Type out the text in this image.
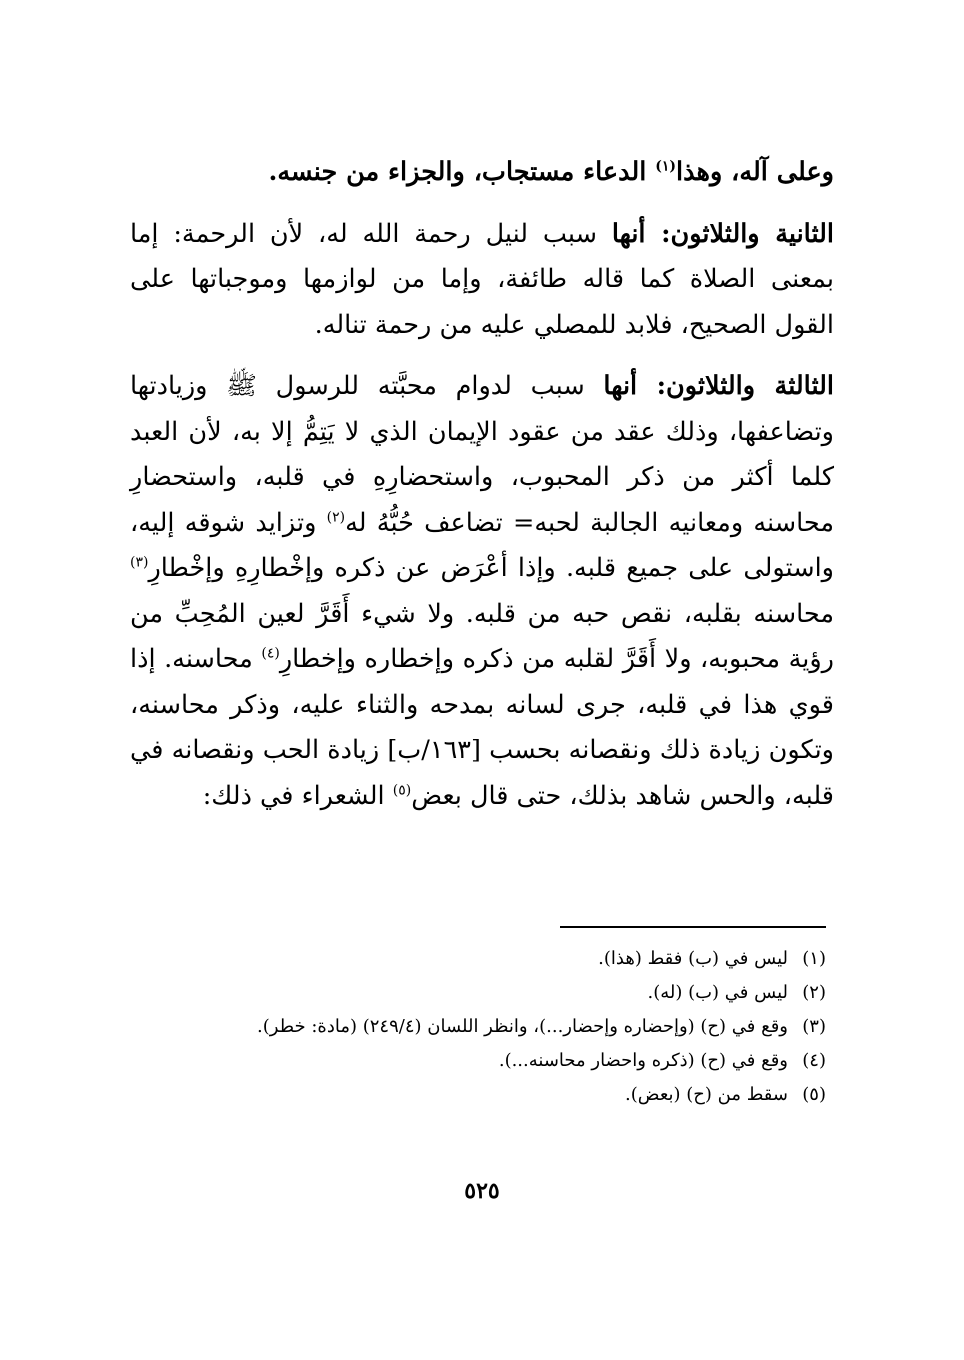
وعلى آله، وهذا$^{(١)}$ الدعاء مستجاب، والجزاء من جنسه.

الثانية والثلاثون: أنها سبب لنيل رحمة الله له، لأن الرحمة: إما بمعنى الصلاة كما قاله طائفة، وإما من لوازمها وموجباتها على القول الصحيح، فلابد للمصلي عليه من رحمة تناله.

الثالثة والثلاثون: أنها سبب لدوام محبَّته للرسول ﷺ وزيادتها وتضاعفها، وذلك عقد من عقود الإيمان الذي لا يَتِمُّ إلا به، لأن العبد كلما أكثر من ذكر المحبوب، واستحضارِهِ في قلبه، واستحضارِ محاسنه ومعانيه الجالبة لحبه= تضاعف حُبُّهُ له$^{(٢)}$ وتزايد شوقه إليه، واستولى على جميع قلبه. وإذا أعْرَض عن ذكره وإخْطارِهِ وإخْطارِ$^{(٣)}$ محاسنه بقلبه، نقص حبه من قلبه. ولا شيء أَقَرَّ لعين المُحِبِّ من رؤية محبوبه، ولا أَقَرَّ لقلبه من ذكره وإخطاره وإخطارِ$^{(٤)}$ محاسنه. إذا قوي هذا في قلبه، جرى لسانه بمدحه والثناء عليه، وذكر محاسنه، وتكون زيادة ذلك ونقصانه بحسب [١٦٣/ب] زيادة الحب ونقصانه في قلبه، والحس شاهد بذلك، حتى قال بعض$^{(٥)}$ الشعراء في ذلك:

(١)
ليس في (ب) فقط (هذا).
(٢)
ليس في (ب) (له).
(٣)
وقع في (ح) (وإحضاره وإحضار...)، وانظر اللسان (٢٤٩/٤) (مادة: خطر).
(٤)
وقع في (ح) (ذكره واحضار محاسنه...).
(٥)
سقط من (ح) (بعض).
٥٢٥
